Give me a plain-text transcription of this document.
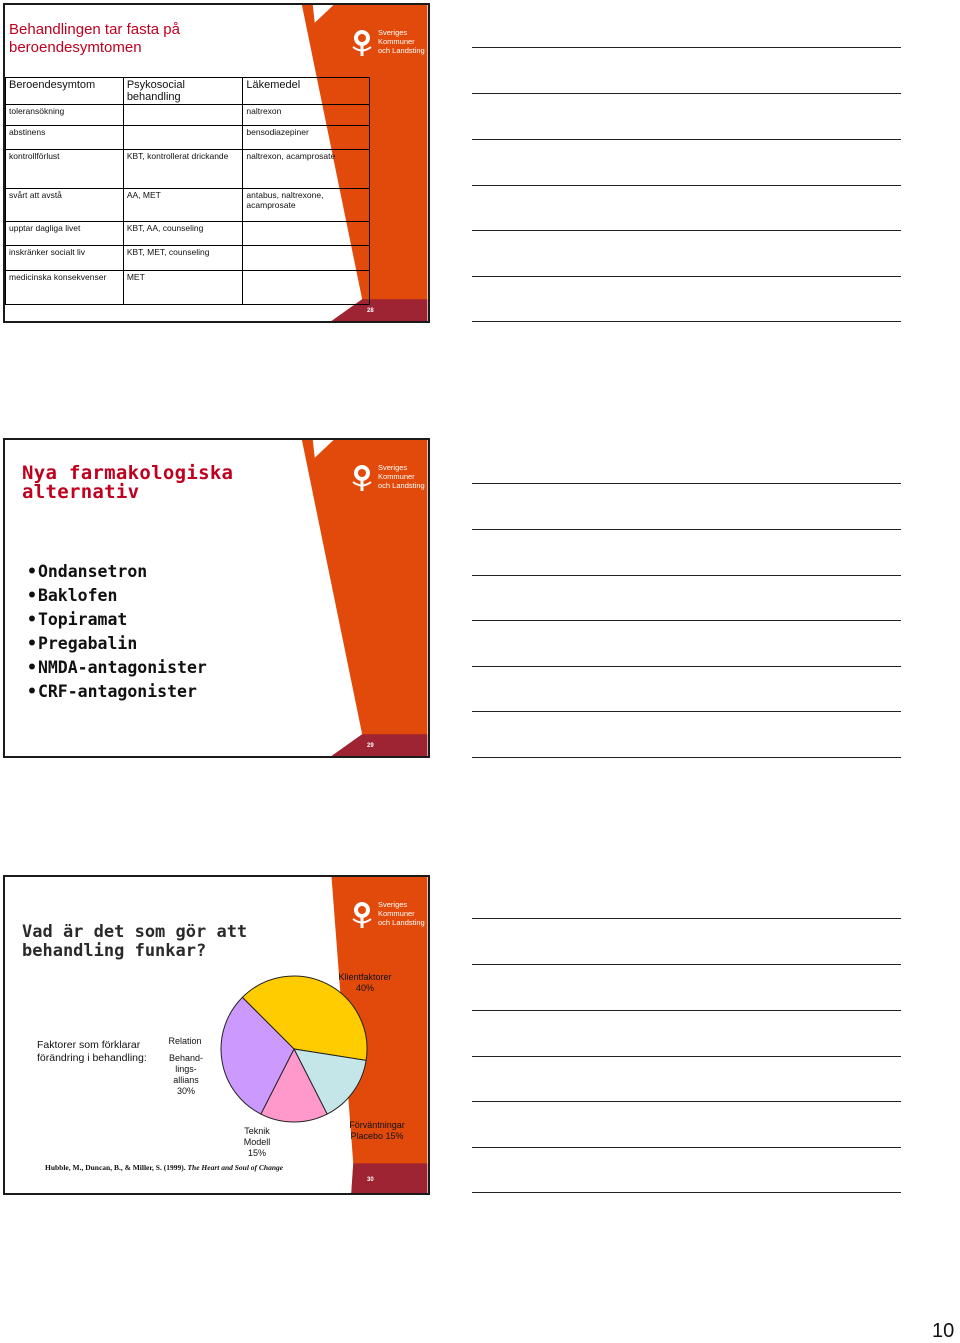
Sveriges
Kommuner
och Landsting
Behandlingen tar fasta på beroendesymtomen
Beroendesymtom	Psykosocial behandling	Läkemedel
toleransökning		naltrexon
abstinens		bensodiazepiner
kontrollförlust	KBT, kontrollerat drickande	naltrexon, acamprosate
svårt att avstå	AA, MET	antabus, naltrexone, acamprosate
upptar dagliga livet	KBT, AA, counseling	
inskränker socialt liv	KBT, MET, counseling	
medicinska konsekvenser	MET	
28
Sveriges
Kommuner
och Landsting
Nya farmakologiska alternativ
• Ondansetron
• Baklofen
• Topiramat
• Pregabalin
• NMDA-antagonister
• CRF-antagonister
29
Sveriges
Kommuner
och Landsting
Vad är det som gör att behandling funkar?
Klientfaktorer 40%
Relation
Behand-lings-allians 30%
Teknik Modell 15%
Förväntningar Placebo 15%
Faktorer som förklarar förändring i behandling:
Hubble, M., Duncan, B., & Miller, S. (1999). The Heart and Soul of Change
30
10
